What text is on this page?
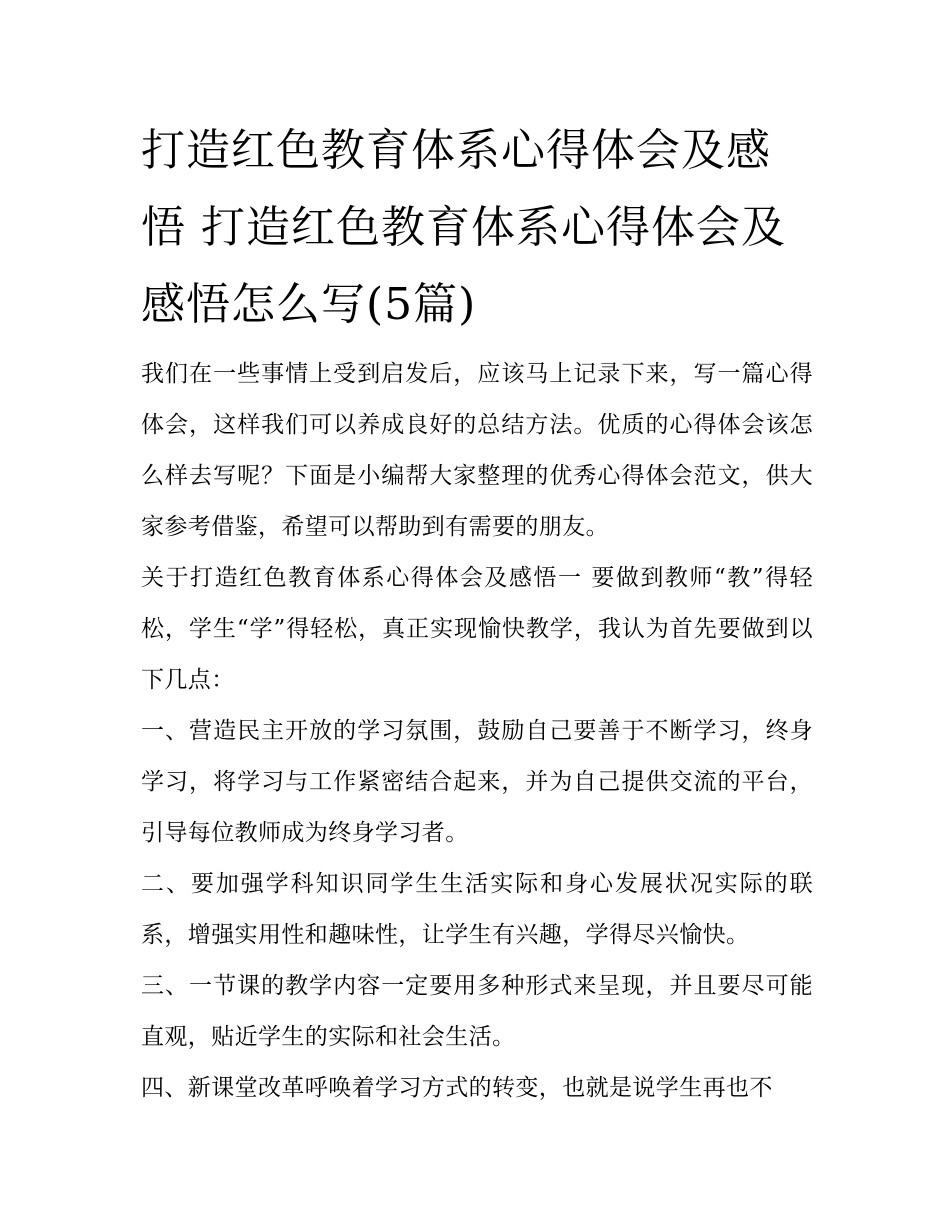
打造红色教育体系心得体会及感悟 打造红色教育体系心得体会及感悟怎么写(5篇)

我们在一些事情上受到启发后，应该马上记录下来，写一篇心得体会，这样我们可以养成良好的总结方法。优质的心得体会该怎么样去写呢？下面是小编帮大家整理的优秀心得体会范文，供大家参考借鉴，希望可以帮助到有需要的朋友。

关于打造红色教育体系心得体会及感悟一 要做到教师“教”得轻松，学生“学”得轻松，真正实现愉快教学，我认为首先要做到以下几点：

一、营造民主开放的学习氛围，鼓励自己要善于不断学习，终身学习，将学习与工作紧密结合起来，并为自己提供交流的平台，引导每位教师成为终身学习者。

二、要加强学科知识同学生生活实际和身心发展状况实际的联系，增强实用性和趣味性，让学生有兴趣，学得尽兴愉快。

三、一节课的教学内容一定要用多种形式来呈现，并且要尽可能直观，贴近学生的实际和社会生活。

四、新课堂改革呼唤着学习方式的转变，也就是说学生再也不
